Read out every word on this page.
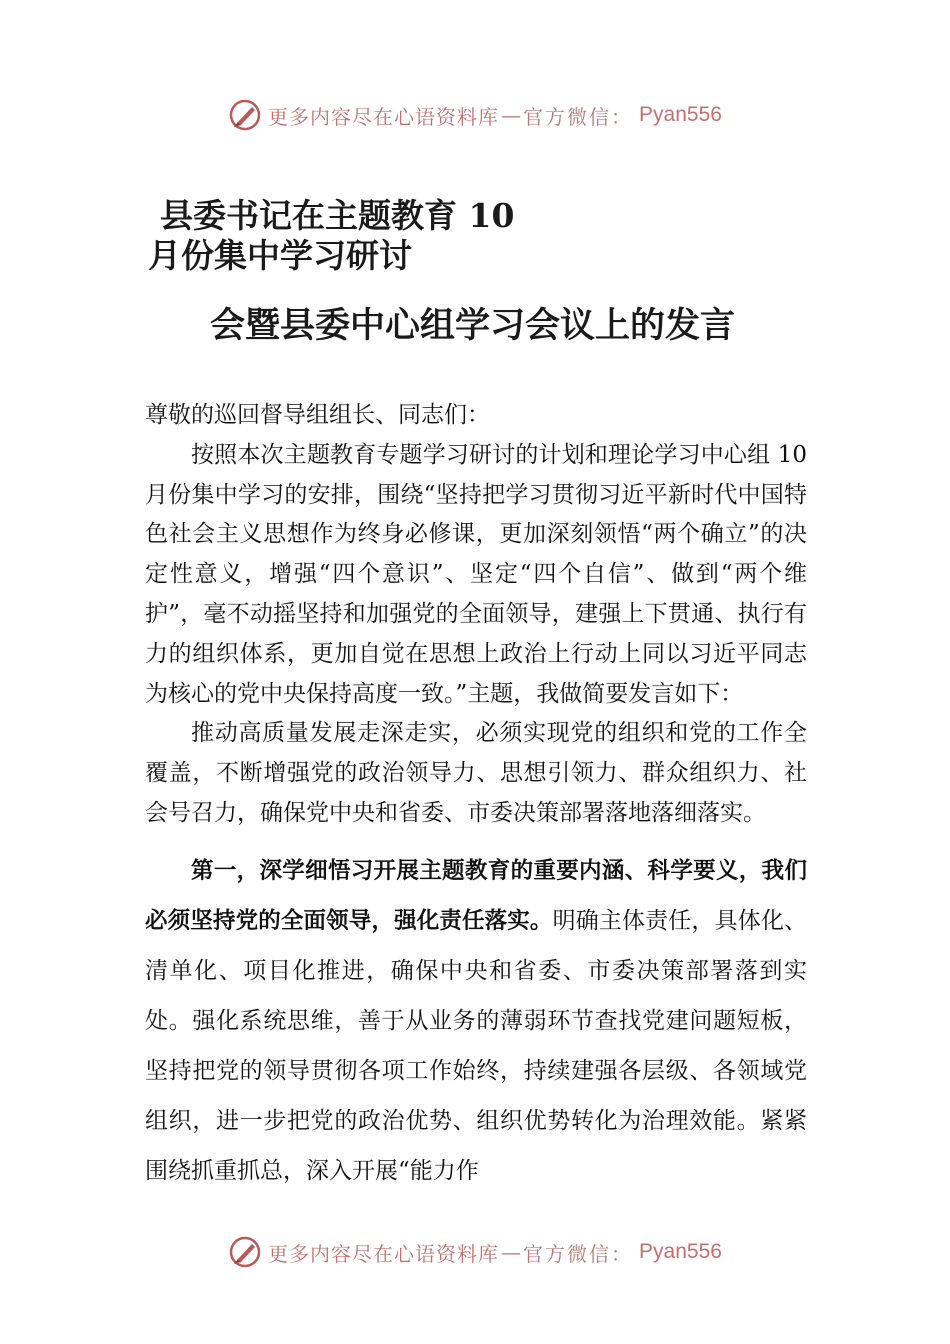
更多内容尽在心语资料库 — 官方微信： Pyan556
县委书记在主题教育 10
月份集中学习研讨
会暨县委中心组学习会议上的发言

尊敬的巡回督导组组长、同志们：

按照本次主题教育专题学习研讨的计划和理论学习中心组 10 月份集中学习的安排，围绕“坚持把学习贯彻习近平新时代中国特色社会主义思想作为终身必修课，更加深刻领悟“两个确立”的决定性意义，增强“四个意识”、坚定“四个自信”、做到“两个维护”，毫不动摇坚持和加强党的全面领导，建强上下贯通、执行有力的组织体系，更加自觉在思想上政治上行动上同以习近平同志为核心的党中央保持高度一致。”主题，我做简要发言如下：

推动高质量发展走深走实，必须实现党的组织和党的工作全覆盖，不断增强党的政治领导力、思想引领力、群众组织力、社会号召力，确保党中央和省委、市委决策部署落地落细落实。

第一，深学细悟习开展主题教育的重要内涵、科学要义，我们必须坚持党的全面领导，强化责任落实。明确主体责任，具体化、清单化、项目化推进，确保中央和省委、市委决策部署落到实处。强化系统思维，善于从业务的薄弱环节查找党建问题短板，坚持把党的领导贯彻各项工作始终，持续建强各层级、各领域党组织，进一步把党的政治优势、组织优势转化为治理效能。紧紧围绕抓重抓总，深入开展“能力作

更多内容尽在心语资料库 — 官方微信： Pyan556
